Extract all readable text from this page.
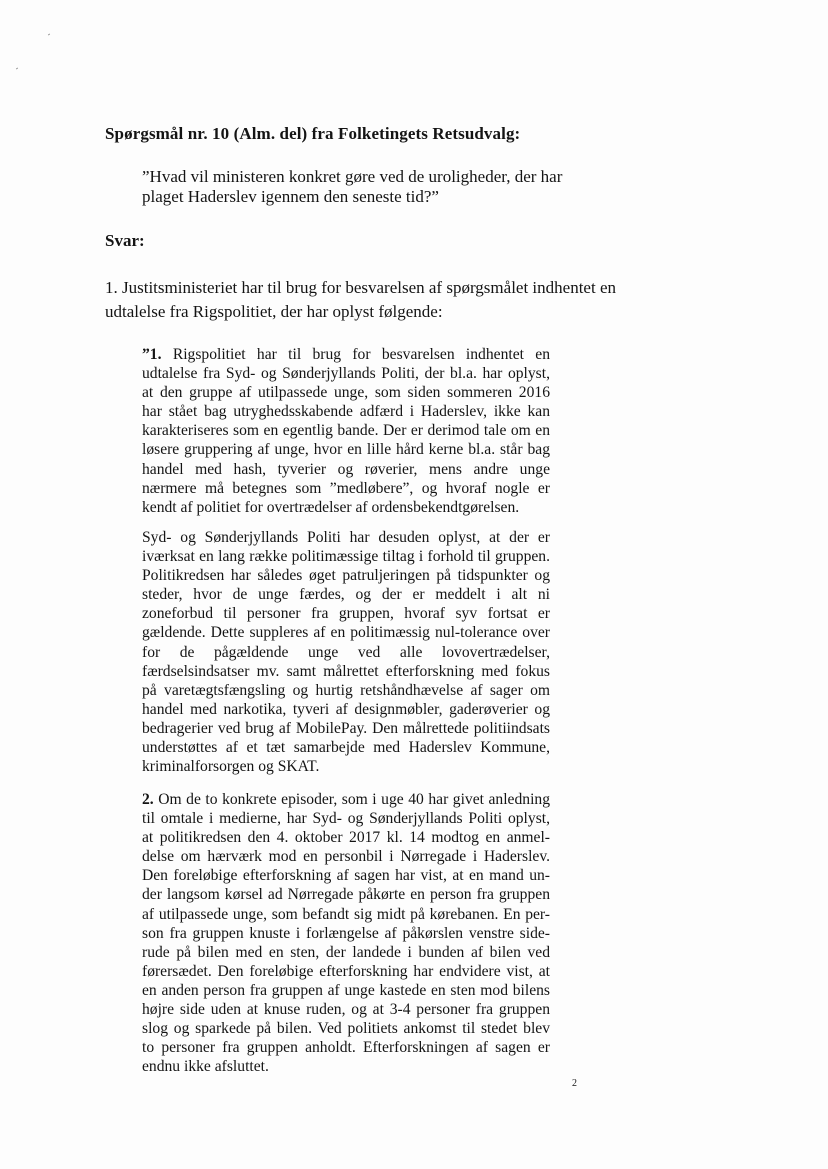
Spørgsmål nr. 10 (Alm. del) fra Folketingets Retsudvalg:
”Hvad vil ministeren konkret gøre ved de uroligheder, der har
plaget Haderslev igennem den seneste tid?”
Svar:
1. Justitsministeriet har til brug for besvarelsen af spørgsmålet indhentet en
udtalelse fra Rigspolitiet, der har oplyst følgende:
”1. Rigspolitiet har til brug for besvarelsen indhentet en
udtalelse fra Syd- og Sønderjyllands Politi, der bl.a. har oplyst,
at den gruppe af utilpassede unge, som siden sommeren 2016
har stået bag utryghedsskabende adfærd i Haderslev, ikke kan
karakteriseres som en egentlig bande. Der er derimod tale om en
løsere gruppering af unge, hvor en lille hård kerne bl.a. står bag
handel med hash, tyverier og røverier, mens andre unge
nærmere må betegnes som ”medløbere”, og hvoraf nogle er
kendt af politiet for overtrædelser af ordensbekendtgørelsen.
Syd- og Sønderjyllands Politi har desuden oplyst, at der er
iværksat en lang række politimæssige tiltag i forhold til gruppen.
Politikredsen har således øget patruljeringen på tidspunkter og
steder, hvor de unge færdes, og der er meddelt i alt ni
zoneforbud til personer fra gruppen, hvoraf syv fortsat er
gældende. Dette suppleres af en politimæssig nul-tolerance over
for de pågældende unge ved alle lovovertrædelser,
færdselsindsatser mv. samt målrettet efterforskning med fokus
på varetægtsfængsling og hurtig retshåndhævelse af sager om
handel med narkotika, tyveri af designmøbler, gaderøverier og
bedragerier ved brug af MobilePay. Den målrettede politiindsats
understøttes af et tæt samarbejde med Haderslev Kommune,
kriminalforsorgen og SKAT.
2. Om de to konkrete episoder, som i uge 40 har givet anledning
til omtale i medierne, har Syd- og Sønderjyllands Politi oplyst,
at politikredsen den 4. oktober 2017 kl. 14 modtog en anmel-
delse om hærværk mod en personbil i Nørregade i Haderslev.
Den foreløbige efterforskning af sagen har vist, at en mand un-
der langsom kørsel ad Nørregade påkørte en person fra gruppen
af utilpassede unge, som befandt sig midt på kørebanen. En per-
son fra gruppen knuste i forlængelse af påkørslen venstre side-
rude på bilen med en sten, der landede i bunden af bilen ved
førersædet. Den foreløbige efterforskning har endvidere vist, at
en anden person fra gruppen af unge kastede en sten mod bilens
højre side uden at knuse ruden, og at 3-4 personer fra gruppen
slog og sparkede på bilen. Ved politiets ankomst til stedet blev
to personer fra gruppen anholdt. Efterforskningen af sagen er
endnu ikke afsluttet.
2
